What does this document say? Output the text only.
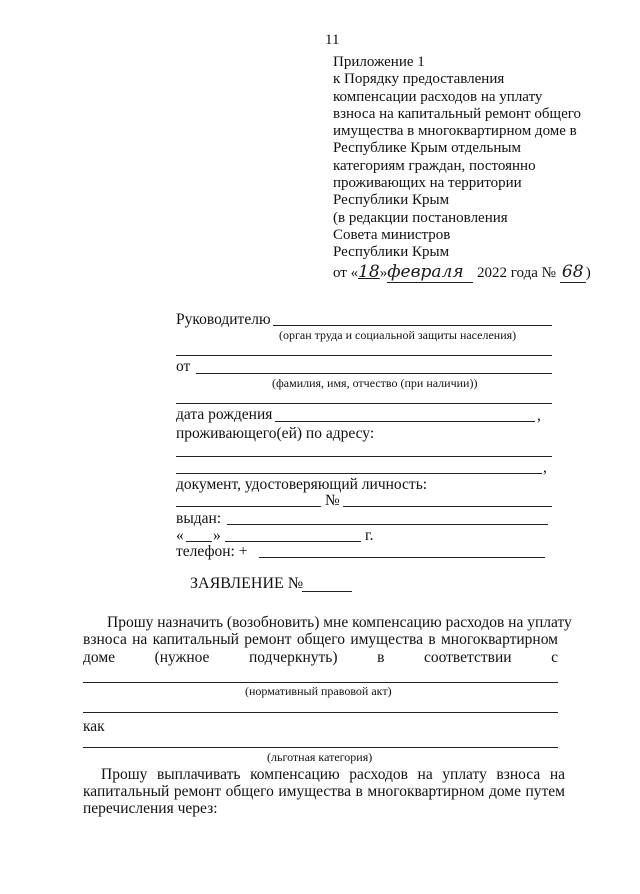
11
Приложение 1
к Порядку предоставления
компенсации расходов на уплату
взноса на капитальный ремонт общего
имущества в многоквартирном доме в
Республике Крым отдельным
категориям граждан, постоянно
проживающих на территории
Республики Крым
(в редакции постановления
Совета министров
Республики Крым
от «18»февраля 2022 года № 68 )
Руководителю
(орган труда и социальной защиты населения)
от
(фамилия, имя, отчество (при наличии))
дата рождения	,
проживающего(ей) по адресу:
,
документ, удостоверяющий личность:
№
выдан:
« »	г.
телефон: +
ЗАЯВЛЕНИЕ №
Прошу назначить (возобновить) мне компенсацию расходов на уплату
взноса на капитальный ремонт общего имущества в многоквартирном
доме (нужное подчеркнуть) в соответствии с
(нормативный правовой акт)
как
(льготная категория)
Прошу выплачивать компенсацию расходов на уплату взноса на
капитальный ремонт общего имущества в многоквартирном доме путем
перечисления через:
